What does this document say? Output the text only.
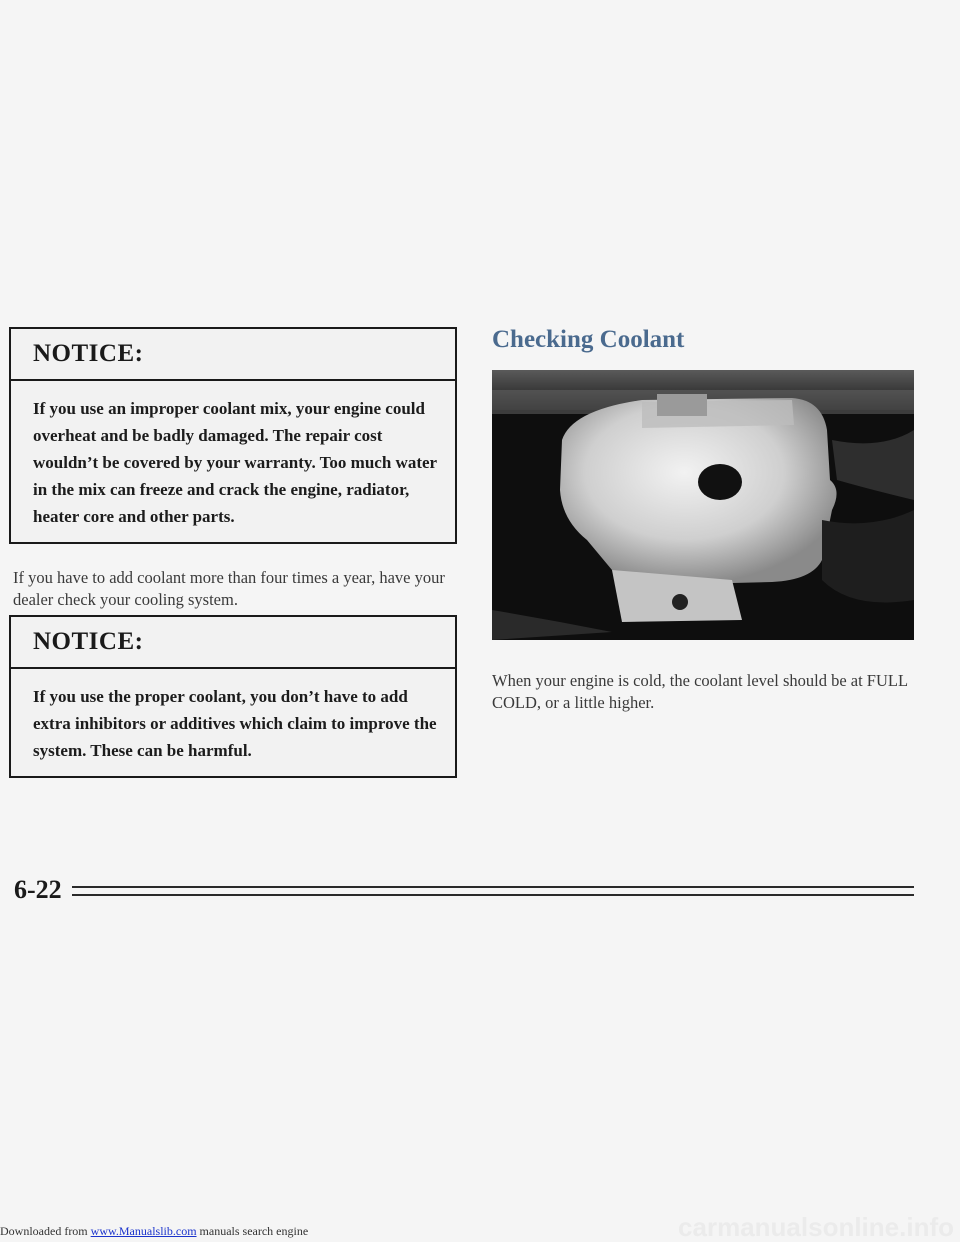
NOTICE:
If you use an improper coolant mix, your engine could overheat and be badly damaged. The repair cost wouldn’t be covered by your warranty. Too much water in the mix can freeze and crack the engine, radiator, heater core and other parts.
If you have to add coolant more than four times a year, have your dealer check your cooling system.
NOTICE:
If you use the proper coolant, you don’t have to add extra inhibitors or additives which claim to improve the system. These can be harmful.
Checking Coolant
When your engine is cold, the coolant level should be at FULL COLD, or a little higher.
6-22
Downloaded from www.Manualslib.com manuals search engine	carmanualsonline.info
